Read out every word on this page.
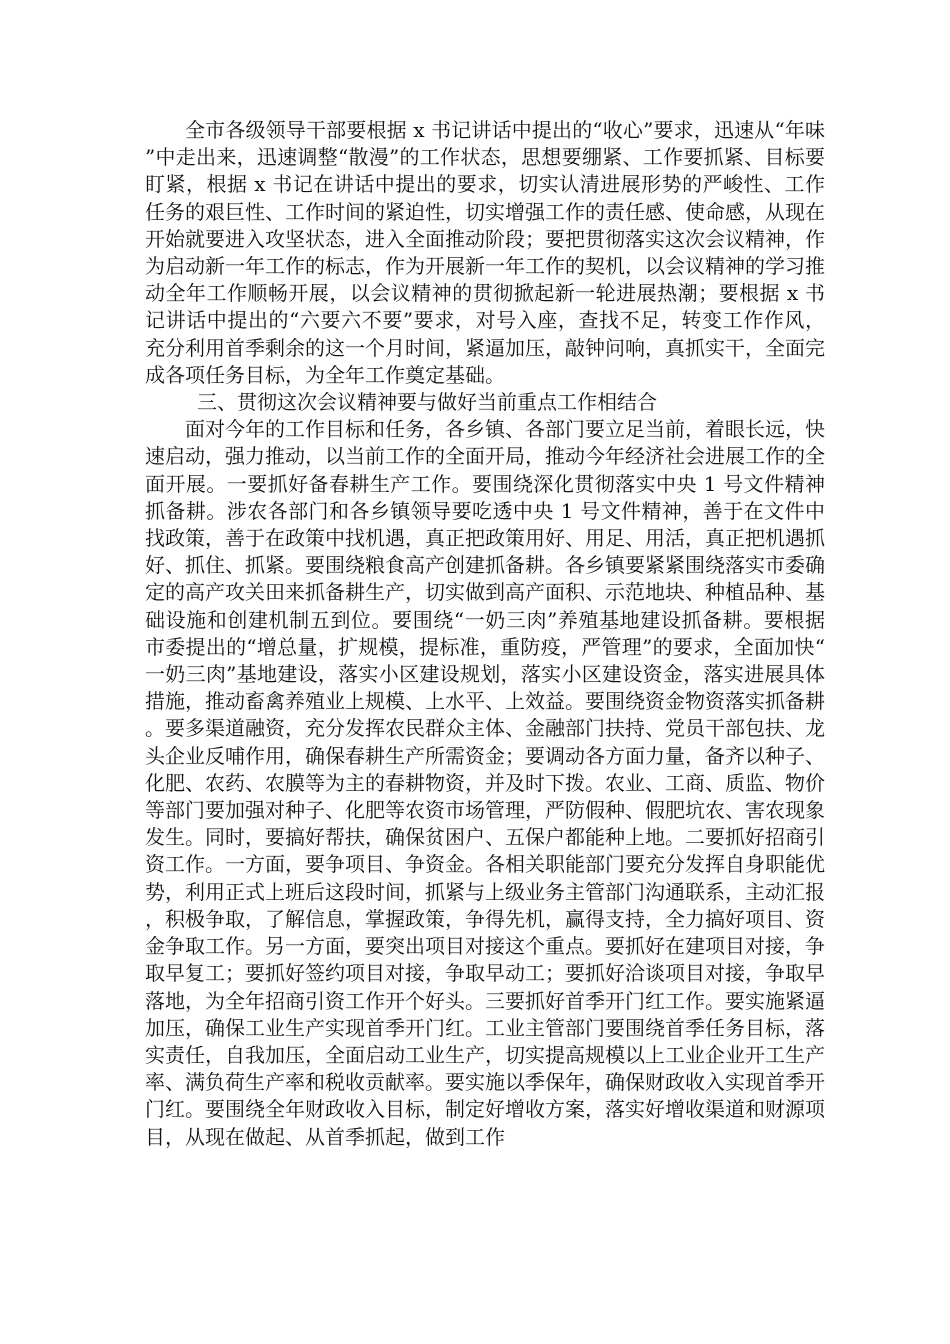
全市各级领导干部要根据 x 书记讲话中提出的“收心”要求，迅速从“年味”中走出来，迅速调整“散漫”的工作状态，思想要绷紧、工作要抓紧、目标要盯紧，根据 x 书记在讲话中提出的要求，切实认清进展形势的严峻性、工作任务的艰巨性、工作时间的紧迫性，切实增强工作的责任感、使命感，从现在开始就要进入攻坚状态，进入全面推动阶段；要把贯彻落实这次会议精神，作为启动新一年工作的标志，作为开展新一年工作的契机，以会议精神的学习推动全年工作顺畅开展，以会议精神的贯彻掀起新一轮进展热潮；要根据 x 书记讲话中提出的“六要六不要”要求，对号入座，查找不足，转变工作作风，充分利用首季剩余的这一个月时间，紧逼加压，敲钟问响，真抓实干，全面完成各项任务目标，为全年工作奠定基础。

三、贯彻这次会议精神要与做好当前重点工作相结合

面对今年的工作目标和任务，各乡镇、各部门要立足当前，着眼长远，快速启动，强力推动，以当前工作的全面开局，推动今年经济社会进展工作的全面开展。一要抓好备春耕生产工作。要围绕深化贯彻落实中央 1 号文件精神抓备耕。涉农各部门和各乡镇领导要吃透中央 1 号文件精神，善于在文件中找政策，善于在政策中找机遇，真正把政策用好、用足、用活，真正把机遇抓好、抓住、抓紧。要围绕粮食高产创建抓备耕。各乡镇要紧紧围绕落实市委确定的高产攻关田来抓备耕生产，切实做到高产面积、示范地块、种植品种、基础设施和创建机制五到位。要围绕“一奶三肉”养殖基地建设抓备耕。要根据市委提出的“增总量，扩规模，提标准，重防疫，严管理”的要求，全面加快“一奶三肉”基地建设，落实小区建设规划，落实小区建设资金，落实进展具体措施，推动畜禽养殖业上规模、上水平、上效益。要围绕资金物资落实抓备耕。要多渠道融资，充分发挥农民群众主体、金融部门扶持、党员干部包扶、龙头企业反哺作用，确保春耕生产所需资金；要调动各方面力量，备齐以种子、化肥、农药、农膜等为主的春耕物资，并及时下拨。农业、工商、质监、物价等部门要加强对种子、化肥等农资市场管理，严防假种、假肥坑农、害农现象发生。同时，要搞好帮扶，确保贫困户、五保户都能种上地。二要抓好招商引资工作。一方面，要争项目、争资金。各相关职能部门要充分发挥自身职能优势，利用正式上班后这段时间，抓紧与上级业务主管部门沟通联系，主动汇报，积极争取，了解信息，掌握政策，争得先机，赢得支持，全力搞好项目、资金争取工作。另一方面，要突出项目对接这个重点。要抓好在建项目对接，争取早复工；要抓好签约项目对接，争取早动工；要抓好洽谈项目对接，争取早落地，为全年招商引资工作开个好头。三要抓好首季开门红工作。要实施紧逼加压，确保工业生产实现首季开门红。工业主管部门要围绕首季任务目标，落实责任，自我加压，全面启动工业生产，切实提高规模以上工业企业开工生产率、满负荷生产率和税收贡献率。要实施以季保年，确保财政收入实现首季开门红。要围绕全年财政收入目标，制定好增收方案，落实好增收渠道和财源项目，从现在做起、从首季抓起，做到工作
